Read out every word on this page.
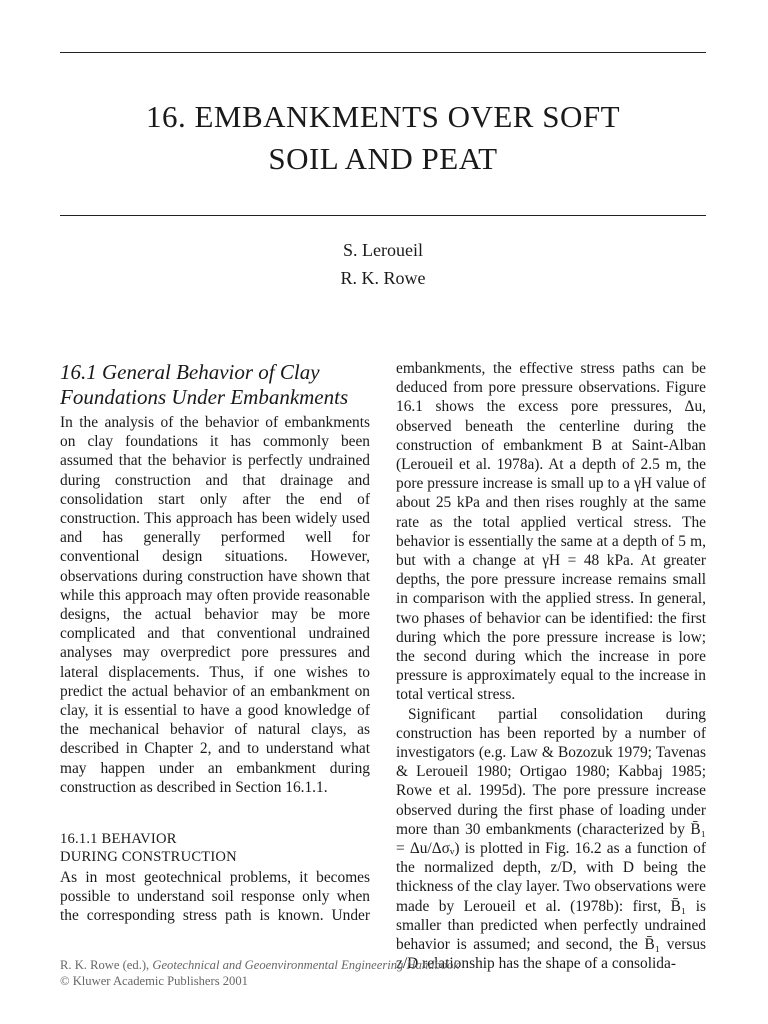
16. EMBANKMENTS OVER SOFT
SOIL AND PEAT
S. Leroueil
R. K. Rowe
16.1 General Behavior of Clay
Foundations Under Embankments

In the analysis of the behavior of embankments on clay foundations it has commonly been assumed that the behavior is perfectly undrained during construction and that drainage and consolidation start only after the end of construction. This approach has been widely used and has generally performed well for conventional design situations. However, observations during construction have shown that while this approach may often provide reasonable designs, the actual behavior may be more complicated and that conventional undrained analyses may overpredict pore pressures and lateral displacements. Thus, if one wishes to predict the actual behavior of an embankment on clay, it is essential to have a good knowledge of the mechanical behavior of natural clays, as described in Chapter 2, and to understand what may happen under an embankment during construction as described in Section 16.1.1.

16.1.1 BEHAVIOR
DURING CONSTRUCTION

As in most geotechnical problems, it becomes possible to understand soil response only when the corresponding stress path is known. Under

embankments, the effective stress paths can be deduced from pore pressure observations. Figure 16.1 shows the excess pore pressures, Δu, observed beneath the centerline during the construction of embankment B at Saint-Alban (Leroueil et al. 1978a). At a depth of 2.5 m, the pore pressure increase is small up to a γH value of about 25 kPa and then rises roughly at the same rate as the total applied vertical stress. The behavior is essentially the same at a depth of 5 m, but with a change at γH = 48 kPa. At greater depths, the pore pressure increase remains small in comparison with the applied stress. In general, two phases of behavior can be identified: the first during which the pore pressure increase is low; the second during which the increase in pore pressure is approximately equal to the increase in total vertical stress.

Significant partial consolidation during construction has been reported by a number of investigators (e.g. Law & Bozozuk 1979; Tavenas & Leroueil 1980; Ortigao 1980; Kabbaj 1985; Rowe et al. 1995d). The pore pressure increase observed during the first phase of loading under more than 30 embankments (characterized by B̄₁ = Δu/Δσᵥ) is plotted in Fig. 16.2 as a function of the normalized depth, z/D, with D being the thickness of the clay layer. Two observations were made by Leroueil et al. (1978b): first, B̄₁ is smaller than predicted when perfectly undrained behavior is assumed; and second, the B̄₁ versus z/D relationship has the shape of a consolida-

R. K. Rowe (ed.), Geotechnical and Geoenvironmental Engineering Handbook
© Kluwer Academic Publishers 2001
